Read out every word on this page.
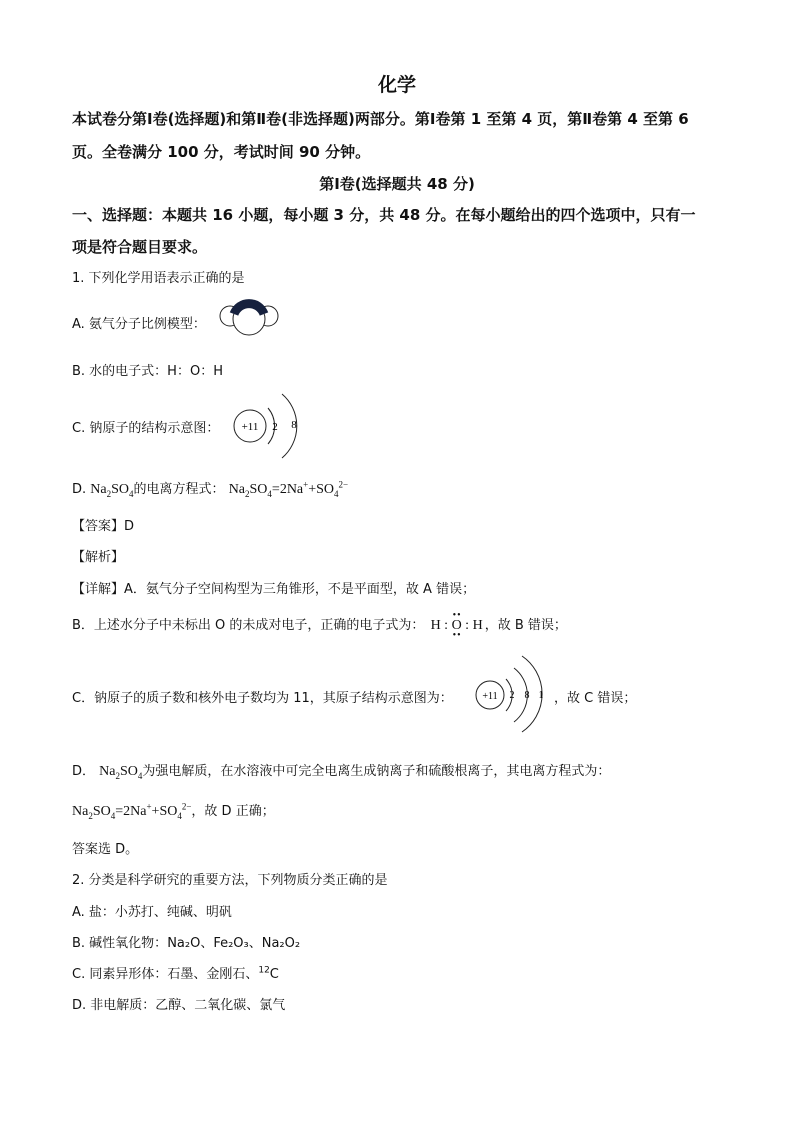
化学
本试卷分第Ⅰ卷(选择题)和第Ⅱ卷(非选择题)两部分。第Ⅰ卷第 1 至第 4 页，第Ⅱ卷第 4 至第 6
页。全卷满分 100 分，考试时间 90 分钟。
第Ⅰ卷(选择题共 48 分)
一、选择题：本题共 16 小题，每小题 3 分，共 48 分。在每小题给出的四个选项中，只有一
项是符合题目要求。
1. 下列化学用语表示正确的是
A. 氨气分子比例模型：
B. 水的电子式：H：O：H
C. 钠原子的结构示意图： +11 2 8
D. $Na_2SO_4$的电离方程式： $Na_2SO_4=2Na^++SO_4^{2-}$
【答案】D
【解析】
【详解】A．氨气分子空间构型为三角锥形，不是平面型，故 A 错误；
B．上述水分子中未标出 O 的未成对电子，正确的电子式为： H : O : H
••
••
，故 B 错误；
C．钠原子的质子数和核外电子数均为 11，其原子结构示意图为：	+11 2 8 1 ，故 C 错误；
D． $Na_2SO_4$为强电解质，在水溶液中可完全电离生成钠离子和硫酸根离子，其电离方程式为：
$Na_2SO_4=2Na^++SO_4^{2-}$，故 D 正确；
答案选 D。
2. 分类是科学研究的重要方法，下列物质分类正确的是
A. 盐：小苏打、纯碱、明矾
B. 碱性氧化物：Na₂O、Fe₂O₃、Na₂O₂
C. 同素异形体：石墨、金刚石、$^{12}$C
D. 非电解质：乙醇、二氧化碳、氯气
